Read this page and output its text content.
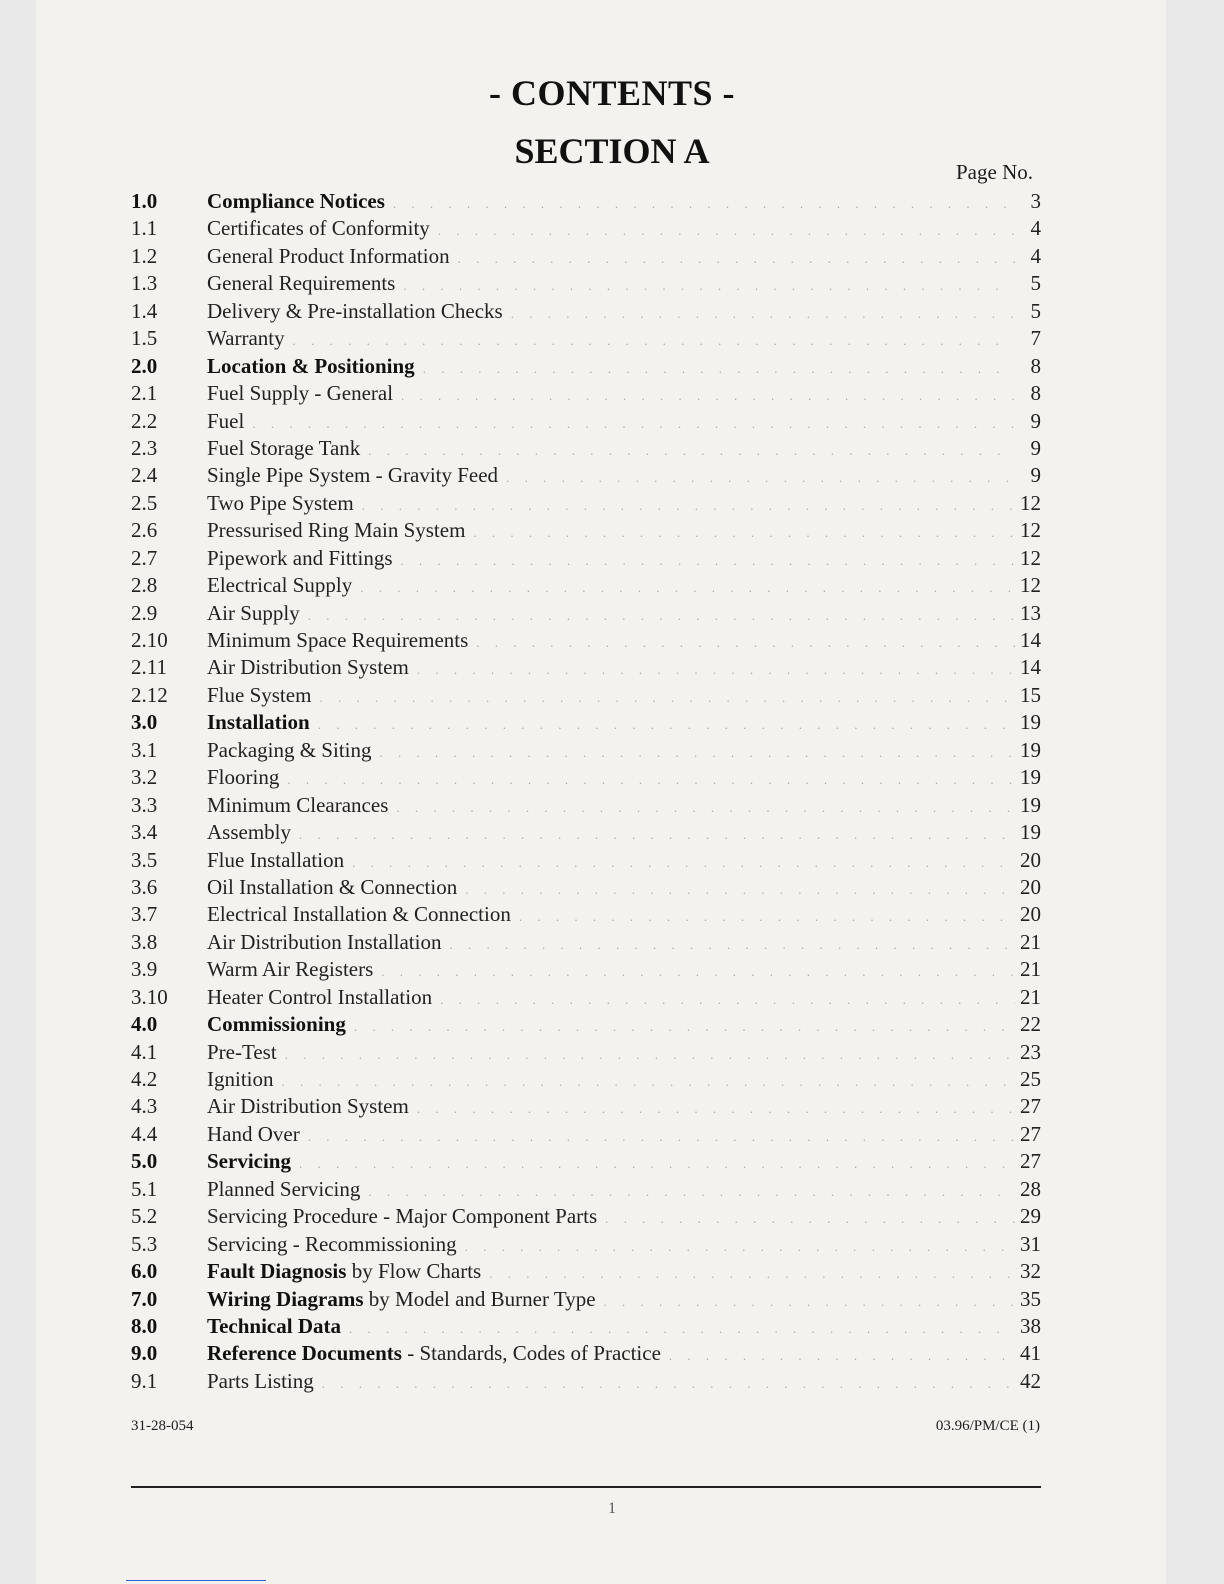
- CONTENTS -
SECTION A
Page No.
1.0 Compliance Notices . . .	3
1.1 Certificates of Conformity . . .	4
1.2 General Product Information . . .	4
1.3 General Requirements . . .	5
1.4 Delivery & Pre-installation Checks . . .	5
1.5 Warranty . . .	7
2.0 Location & Positioning . . .	8
2.1 Fuel Supply - General . . .	8
2.2 Fuel . . .	9
2.3 Fuel Storage Tank . . .	9
2.4 Single Pipe System - Gravity Feed . . .	9
2.5 Two Pipe System . . .	12
2.6 Pressurised Ring Main System . . .	12
2.7 Pipework and Fittings . . .	12
2.8 Electrical Supply . . .	12
2.9 Air Supply . . .	13
2.10 Minimum Space Requirements . . .	14
2.11 Air Distribution System . . .	14
2.12 Flue System . . .	15
3.0 Installation . . .	19
3.1 Packaging & Siting . . .	19
3.2 Flooring . . .	19
3.3 Minimum Clearances . . .	19
3.4 Assembly . . .	19
3.5 Flue Installation . . .	20
3.6 Oil Installation & Connection . . .	20
3.7 Electrical Installation & Connection . . .	20
3.8 Air Distribution Installation . . .	21
3.9 Warm Air Registers . . .	21
3.10 Heater Control Installation . . .	21
4.0 Commissioning . . .	22
4.1 Pre-Test . . .	23
4.2 Ignition . . .	25
4.3 Air Distribution System . . .	27
4.4 Hand Over . . .	27
5.0 Servicing . . .	27
5.1 Planned Servicing . . .	28
5.2 Servicing Procedure - Major Component Parts . . .	29
5.3 Servicing - Recommissioning . . .	31
6.0 Fault Diagnosis by Flow Charts . . .	32
7.0 Wiring Diagrams by Model and Burner Type . . .	35
8.0 Technical Data . . .	38
9.0 Reference Documents - Standards, Codes of Practice . . .	41
9.1 Parts Listing . . .	42
31-28-054	03.96/PM/CE (1)
1
